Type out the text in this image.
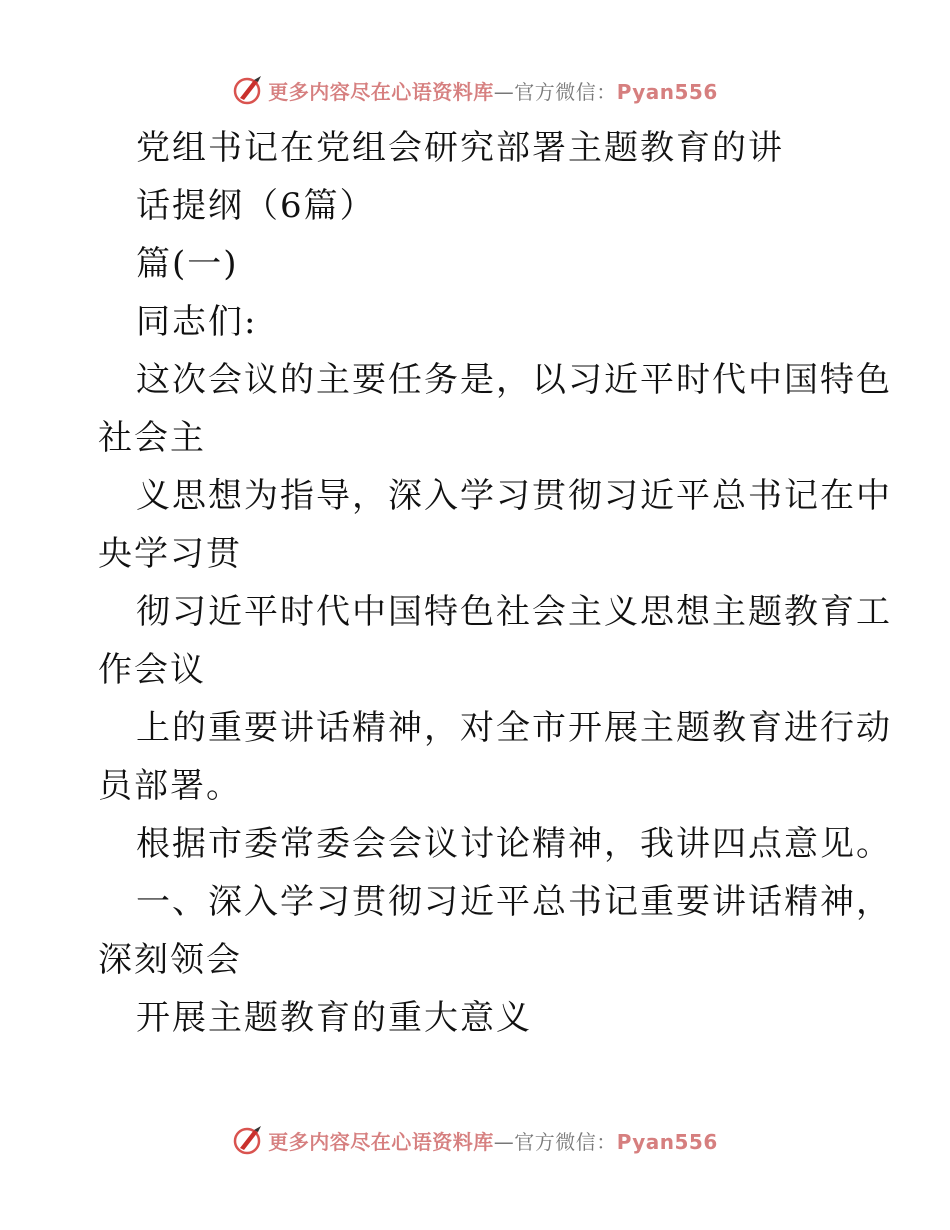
更多内容尽在心语资料库—官方微信：Pyan556
党组书记在党组会研究部署主题教育的讲
话提纲（6篇）
篇(一)
同志们:
这次会议的主要任务是，以习近平时代中国特色
社会主
义思想为指导，深入学习贯彻习近平总书记在中
央学习贯
彻习近平时代中国特色社会主义思想主题教育工
作会议
上的重要讲话精神，对全市开展主题教育进行动
员部署。
根据市委常委会会议讨论精神，我讲四点意见。
一、深入学习贯彻习近平总书记重要讲话精神，
深刻领会
开展主题教育的重大意义
更多内容尽在心语资料库—官方微信：Pyan556
